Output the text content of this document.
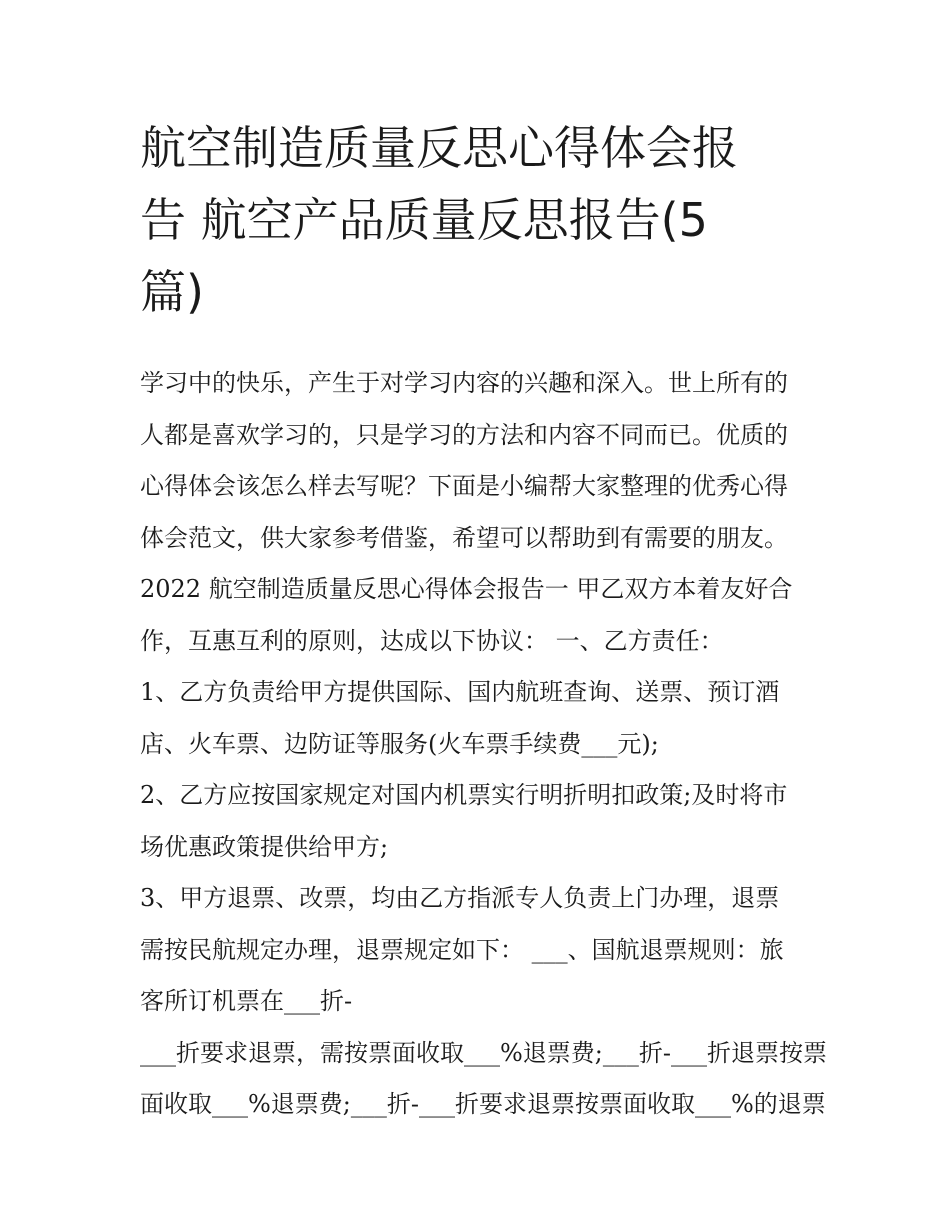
航空制造质量反思心得体会报
告 航空产品质量反思报告(5
篇)
学习中的快乐，产生于对学习内容的兴趣和深入。世上所有的
人都是喜欢学习的，只是学习的方法和内容不同而已。优质的
心得体会该怎么样去写呢？下面是小编帮大家整理的优秀心得
体会范文，供大家参考借鉴，希望可以帮助到有需要的朋友。
2022 航空制造质量反思心得体会报告一 甲乙双方本着友好合
作，互惠互利的原则，达成以下协议： 一、乙方责任：
1、乙方负责给甲方提供国际、国内航班查询、送票、预订酒
店、火车票、边防证等服务(火车票手续费___元);
2、乙方应按国家规定对国内机票实行明折明扣政策;及时将市
场优惠政策提供给甲方;
3、甲方退票、改票，均由乙方指派专人负责上门办理，退票
需按民航规定办理，退票规定如下： ___、国航退票规则：旅
客所订机票在___折-
___折要求退票，需按票面收取___%退票费;___折-___折退票按票
面收取___%退票费;___折-___折要求退票按票面收取___%的退票
